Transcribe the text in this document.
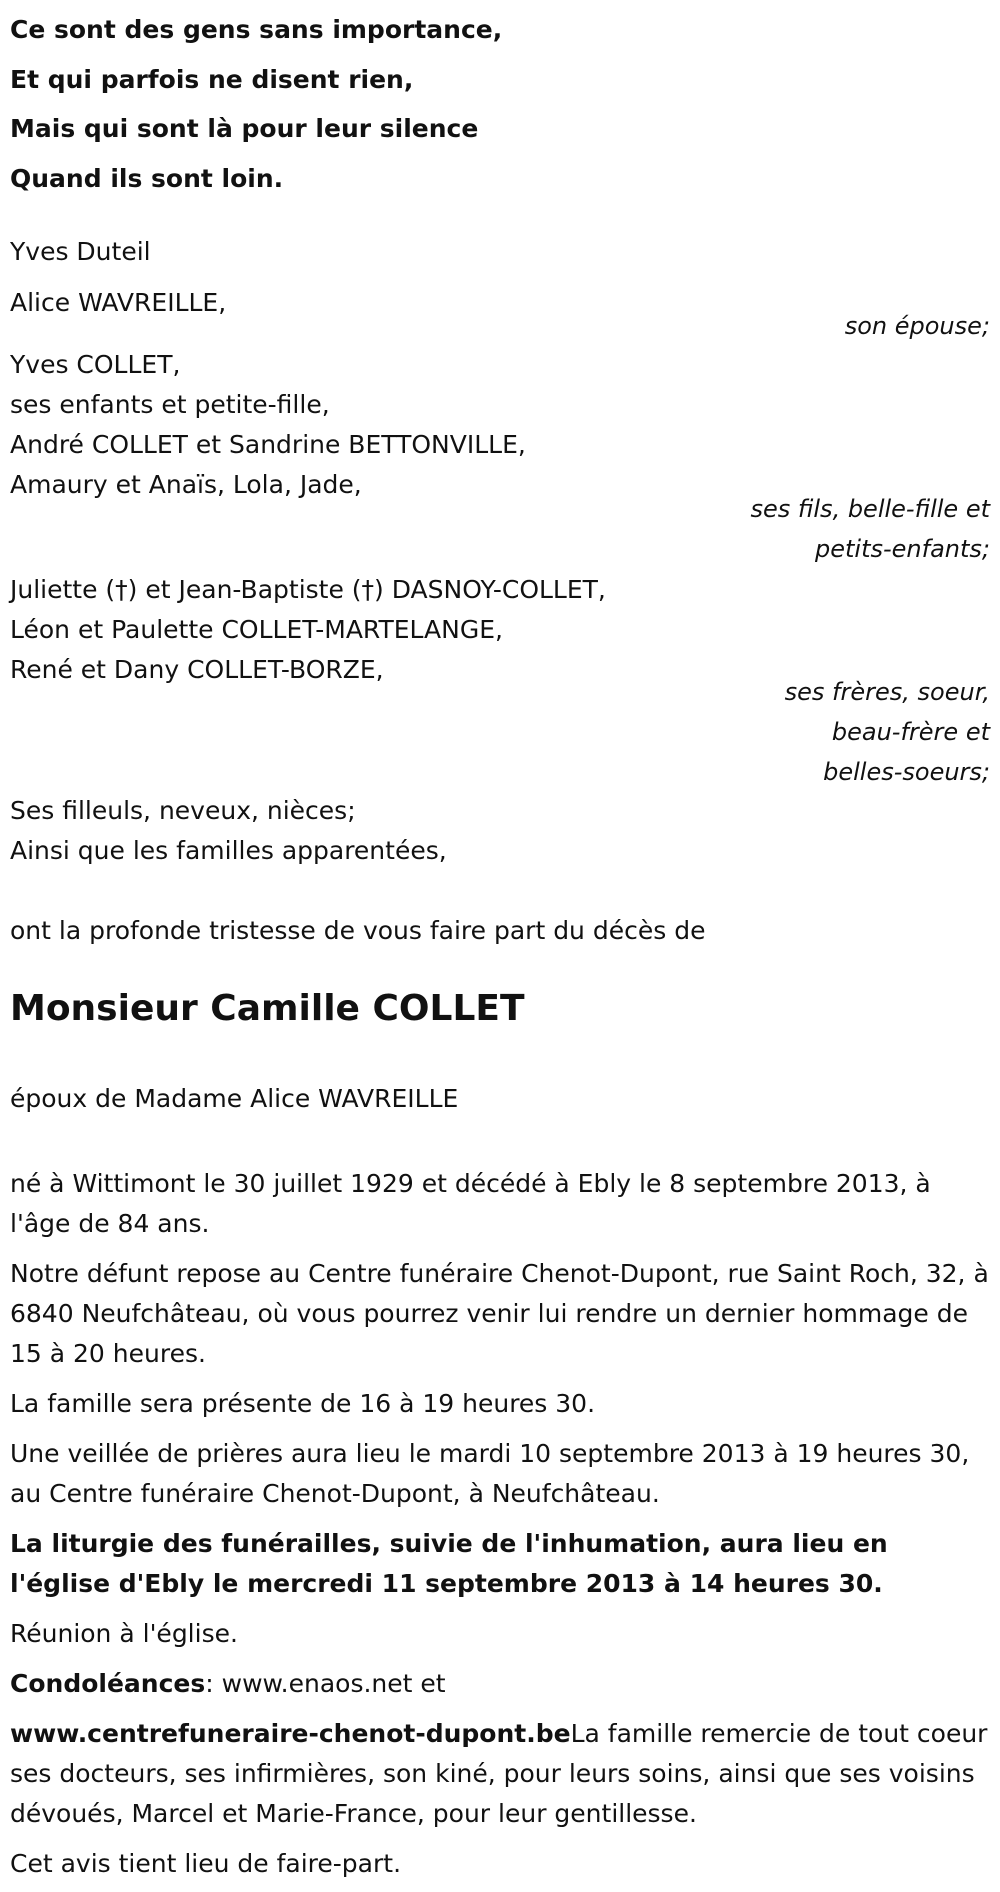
Ce sont des gens sans importance,
Et qui parfois ne disent rien,
Mais qui sont là pour leur silence
Quand ils sont loin.
Yves Duteil
Alice WAVREILLE,
son épouse;
Yves COLLET,
ses enfants et petite-fille,
André COLLET et Sandrine BETTONVILLE,
Amaury et Anaïs, Lola, Jade,
ses fils, belle-fille et
petits-enfants;
Juliette (†) et Jean-Baptiste (†) DASNOY-COLLET,
Léon et Paulette COLLET-MARTELANGE,
René et Dany COLLET-BORZE,
ses frères, soeur,
beau-frère et
belles-soeurs;
Ses filleuls, neveux, nièces;
Ainsi que les familles apparentées,
ont la profonde tristesse de vous faire part du décès de
Monsieur Camille COLLET
époux de Madame Alice WAVREILLE
né à Wittimont le 30 juillet 1929 et décédé à Ebly le 8 septembre 2013, à l'âge de 84 ans.
Notre défunt repose au Centre funéraire Chenot-Dupont, rue Saint Roch, 32, à 6840 Neufchâteau, où vous pourrez venir lui rendre un dernier hommage de 15 à 20 heures.
La famille sera présente de 16 à 19 heures 30.
Une veillée de prières aura lieu le mardi 10 septembre 2013 à 19 heures 30, au Centre funéraire Chenot-Dupont, à Neufchâteau.
La liturgie des funérailles, suivie de l'inhumation, aura lieu en l'église d'Ebly le mercredi 11 septembre 2013 à 14 heures 30.
Réunion à l'église.
Condoléances: www.enaos.net et
www.centrefuneraire-chenot-dupont.beLa famille remercie de tout coeur ses docteurs, ses infirmières, son kiné, pour leurs soins, ainsi que ses voisins dévoués, Marcel et Marie-France, pour leur gentillesse.
Cet avis tient lieu de faire-part.
